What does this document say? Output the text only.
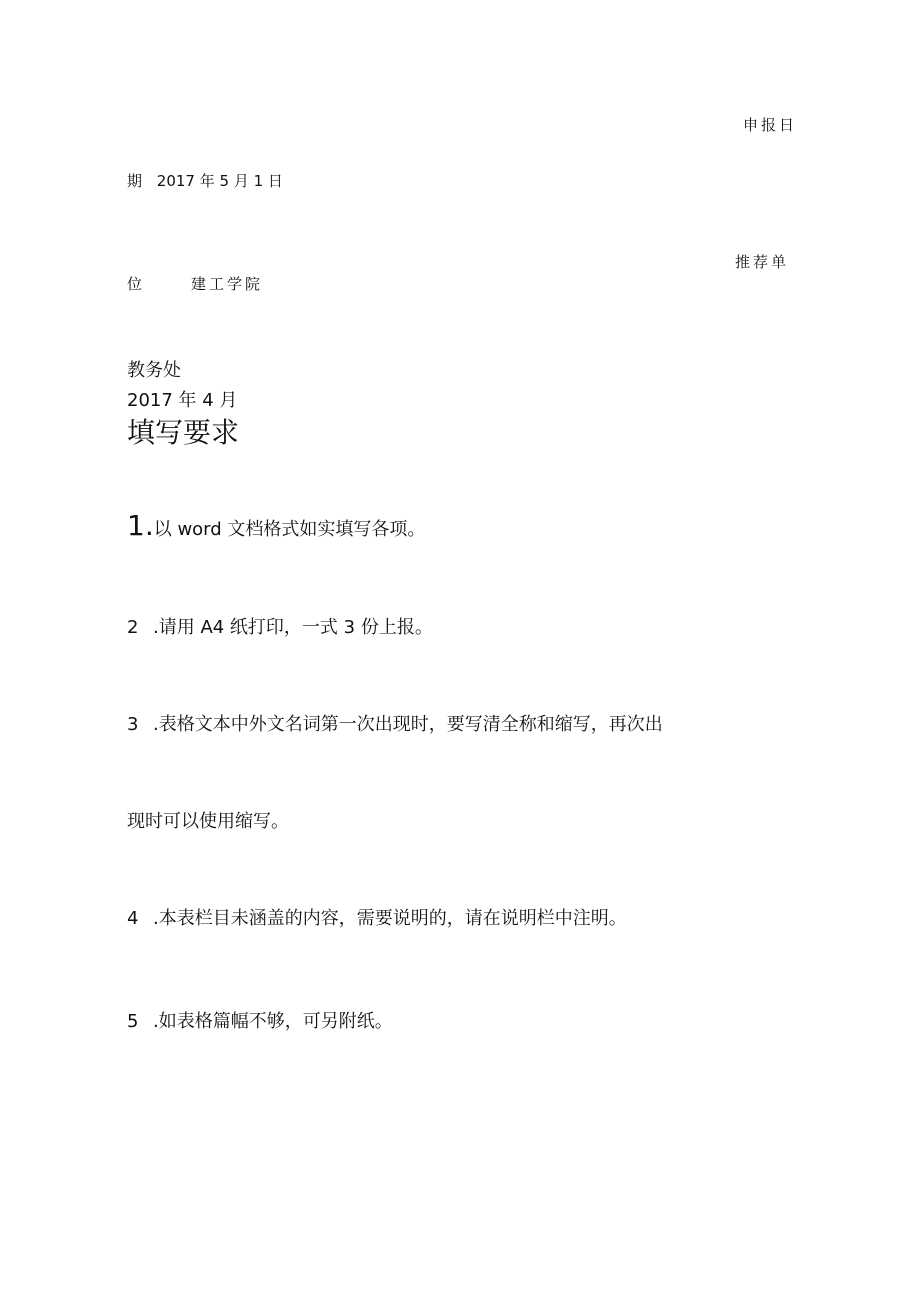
申报日
期 2017 年 5 月 1 日
推荐单
位	建工学院
教务处
2017 年 4 月
填写要求
1.以 word 文档格式如实填写各项。
2 .请用 A4 纸打印，一式 3 份上报。
3 .表格文本中外文名词第一次出现时，要写清全称和缩写，再次出
现时可以使用缩写。
4 .本表栏目未涵盖的内容，需要说明的，请在说明栏中注明。
5 .如表格篇幅不够，可另附纸。
